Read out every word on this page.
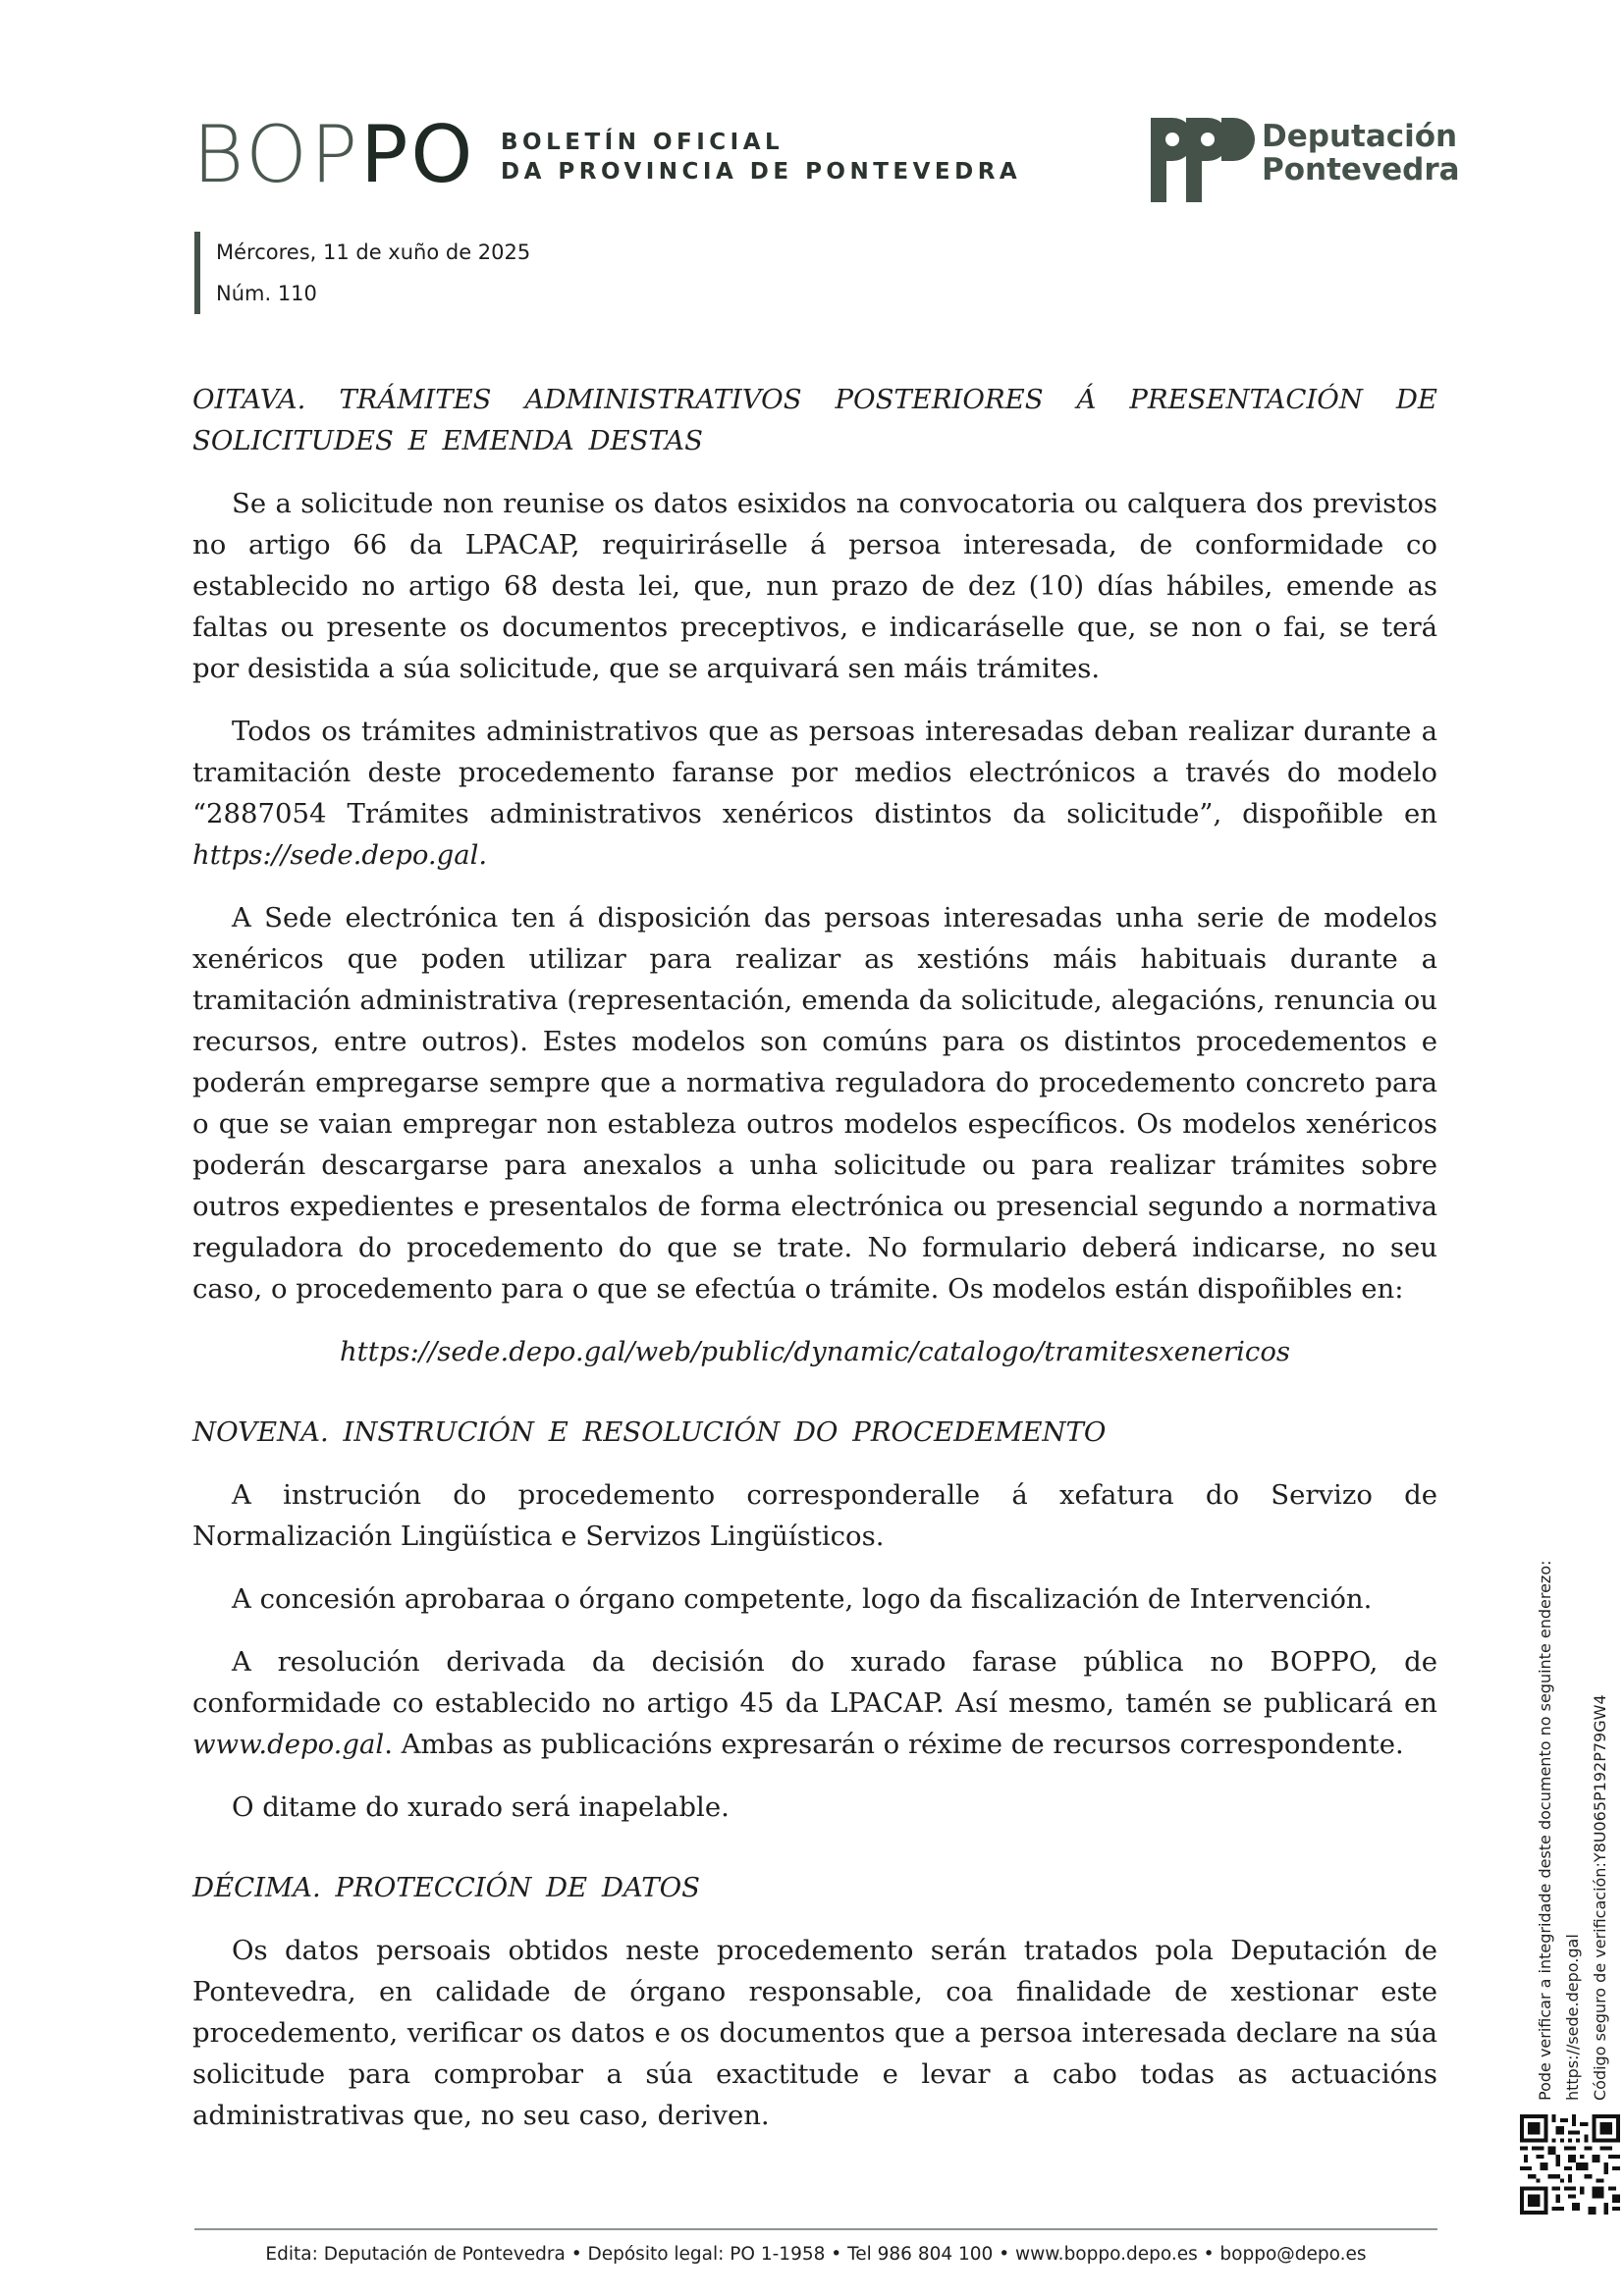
BOPPO BOLETÍN OFICIAL
DA PROVINCIA DE PONTEVEDRA
Deputación
Pontevedra
Mércores, 11 de xuño de 2025
Núm. 110
OITAVA. TRÁMITES ADMINISTRATIVOS POSTERIORES Á PRESENTACIÓN DE SOLICITUDES E EMENDA DESTAS

Se a solicitude non reunise os datos esixidos na convocatoria ou calquera dos previstos no artigo 66 da LPACAP, requiriráselle á persoa interesada, de conformidade co establecido no artigo 68 desta lei, que, nun prazo de dez (10) días hábiles, emende as faltas ou presente os documentos preceptivos, e indicaráselle que, se non o fai, se terá por desistida a súa solicitude, que se arquivará sen máis trámites.

Todos os trámites administrativos que as persoas interesadas deban realizar durante a tramitación deste procedemento faranse por medios electrónicos a través do modelo “2887054 Trámites administrativos xenéricos distintos da solicitude”, dispoñible en https://sede.depo.gal.

A Sede electrónica ten á disposición das persoas interesadas unha serie de modelos xenéricos que poden utilizar para realizar as xestións máis habituais durante a tramitación administrativa (representación, emenda da solicitude, alegacións, renuncia ou recursos, entre outros). Estes modelos son comúns para os distintos procedementos e poderán empregarse sempre que a normativa reguladora do procedemento concreto para o que se vaian empregar non estableza outros modelos específicos. Os modelos xenéricos poderán descargarse para anexalos a unha solicitude ou para realizar trámites sobre outros expedientes e presentalos de forma electrónica ou presencial segundo a normativa reguladora do procedemento do que se trate. No formulario deberá indicarse, no seu caso, o procedemento para o que se efectúa o trámite. Os modelos están dispoñibles en:

https://sede.depo.gal/web/public/dynamic/catalogo/tramitesxenericos

NOVENA. INSTRUCIÓN E RESOLUCIÓN DO PROCEDEMENTO

A instrución do procedemento corresponderalle á xefatura do Servizo de Normalización Lingüística e Servizos Lingüísticos.

A concesión aprobaraa o órgano competente, logo da fiscalización de Intervención.

A resolución derivada da decisión do xurado farase pública no BOPPO, de conformidade co establecido no artigo 45 da LPACAP. Así mesmo, tamén se publicará en www.depo.gal. Ambas as publicacións expresarán o réxime de recursos correspondente.

O ditame do xurado será inapelable.

DÉCIMA. PROTECCIÓN DE DATOS

Os datos persoais obtidos neste procedemento serán tratados pola Deputación de Pontevedra, en calidade de órgano responsable, coa finalidade de xestionar este procedemento, verificar os datos e os documentos que a persoa interesada declare na súa solicitude para comprobar a súa exactitude e levar a cabo todas as actuacións administrativas que, no seu caso, deriven.

Pode verificar a integridade deste documento no seguinte enderezo: https://sede.depo.gal Código seguro de verificación:Y8U065P192P79GW4
Edita: Deputación de Pontevedra • Depósito legal: PO 1-1958 • Tel 986 804 100 • www.boppo.depo.es • boppo@depo.es
